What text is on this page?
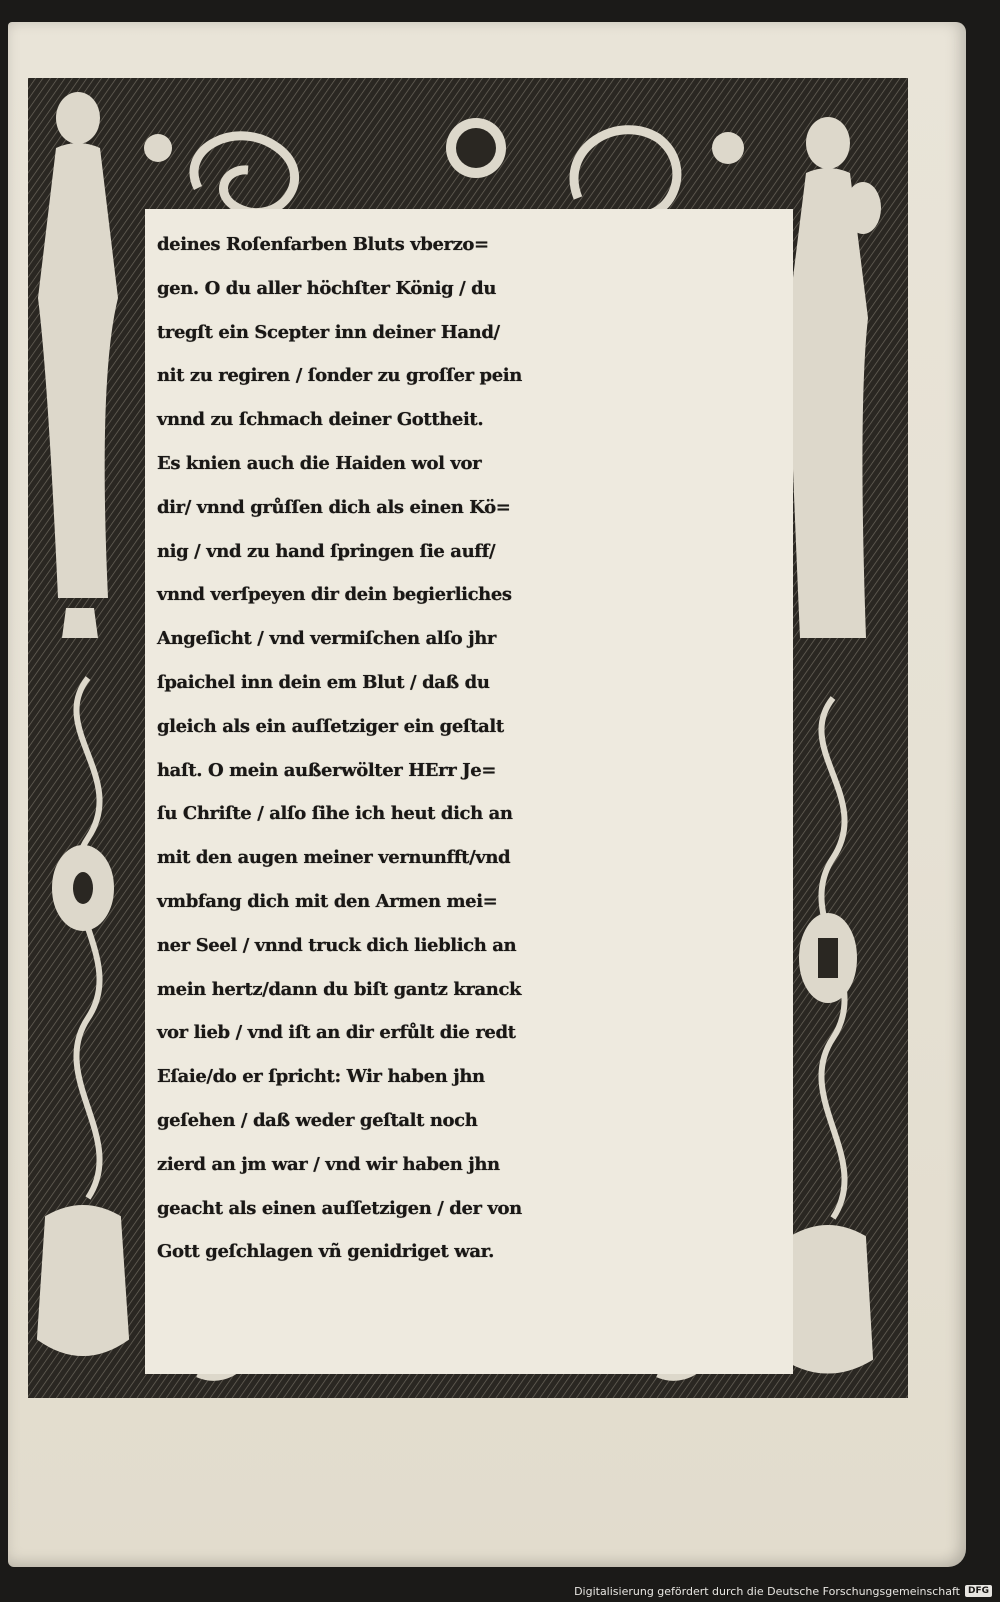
deines Roſenfarben Bluts vberzo=
gen. O du aller höchſter König / du
tregſt ein Scepter inn deiner Hand/
nit zu regiren / ſonder zu groſſer pein
vnnd zu ſchmach deiner Gottheit.
Es knien auch die Haiden wol vor
dir/ vnnd grůſſen dich als einen Kö=
nig / vnd zu hand ſpringen ſie auff/
vnnd verſpeyen dir dein begierliches
Angeſicht / vnd vermiſchen alſo jhr
ſpaichel inn dein em Blut / daß du
gleich als ein auſſetziger ein geſtalt
haſt. O mein außerwölter HErr Je=
ſu Chriſte / alſo ſihe ich heut dich an
mit den augen meiner vernunfft/vnd
vmbfang dich mit den Armen mei=
ner Seel / vnnd truck dich lieblich an
mein hertz/dann du biſt gantz kranck
vor lieb / vnd iſt an dir erfůlt die redt
Eſaie/do er ſpricht: Wir haben jhn
geſehen / daß weder geſtalt noch
zierd an jm war / vnd wir haben jhn
geacht als einen auſſetzigen / der von
Gott geſchlagen vñ genidriget war.
Digitalisierung gefördert durch die Deutsche Forschungsgemeinschaft DFG
